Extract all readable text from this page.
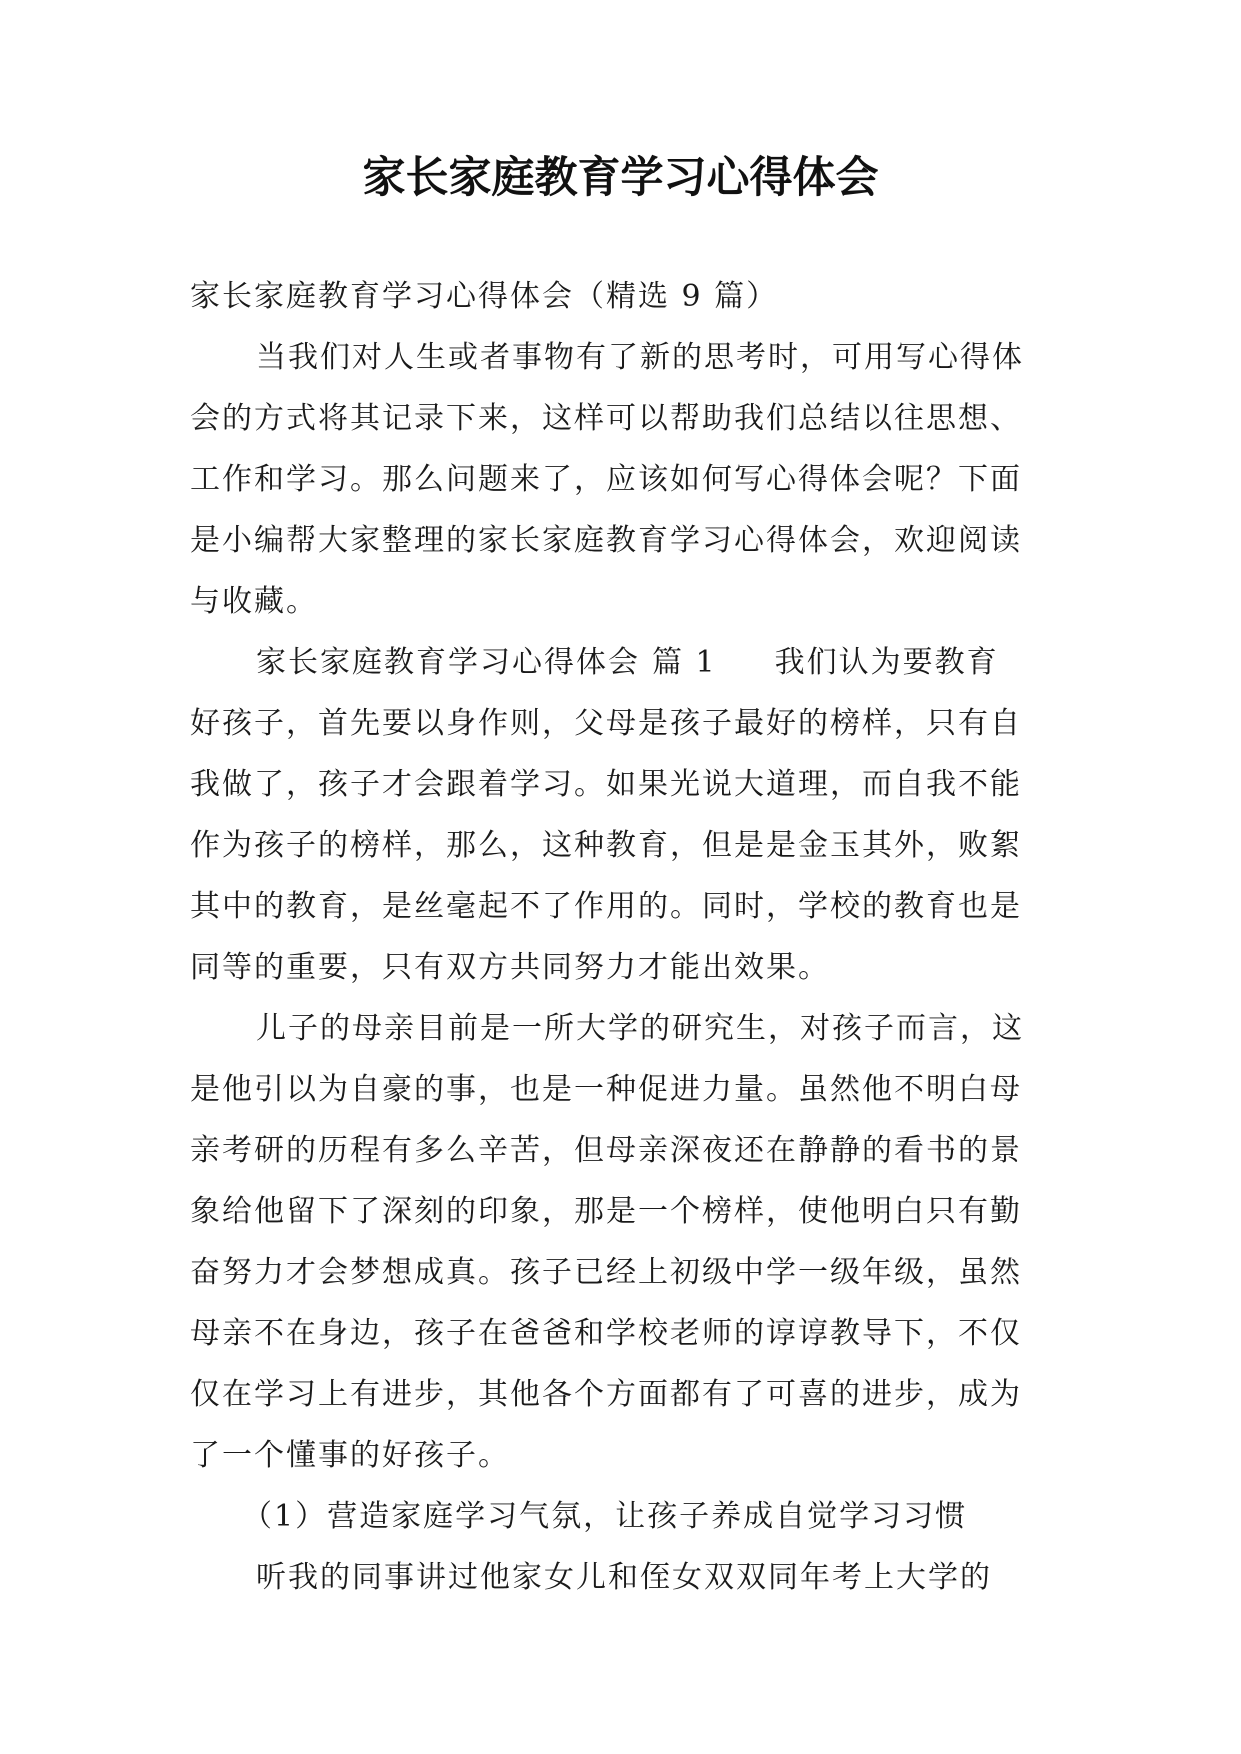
家长家庭教育学习心得体会
家长家庭教育学习心得体会（精选 9 篇）
当我们对人生或者事物有了新的思考时，可用写心得体
会的方式将其记录下来，这样可以帮助我们总结以往思想、
工作和学习。那么问题来了，应该如何写心得体会呢？下面
是小编帮大家整理的家长家庭教育学习心得体会，欢迎阅读
与收藏。
家长家庭教育学习心得体会 篇 1 我们认为要教育
好孩子，首先要以身作则，父母是孩子最好的榜样，只有自
我做了，孩子才会跟着学习。如果光说大道理，而自我不能
作为孩子的榜样，那么，这种教育，但是是金玉其外，败絮
其中的教育，是丝毫起不了作用的。同时，学校的教育也是
同等的重要，只有双方共同努力才能出效果。
儿子的母亲目前是一所大学的研究生，对孩子而言，这
是他引以为自豪的事，也是一种促进力量。虽然他不明白母
亲考研的历程有多么辛苦，但母亲深夜还在静静的看书的景
象给他留下了深刻的印象，那是一个榜样，使他明白只有勤
奋努力才会梦想成真。孩子已经上初级中学一级年级，虽然
母亲不在身边，孩子在爸爸和学校老师的谆谆教导下，不仅
仅在学习上有进步，其他各个方面都有了可喜的进步，成为
了一个懂事的好孩子。
（1）营造家庭学习气氛，让孩子养成自觉学习习惯
听我的同事讲过他家女儿和侄女双双同年考上大学的
